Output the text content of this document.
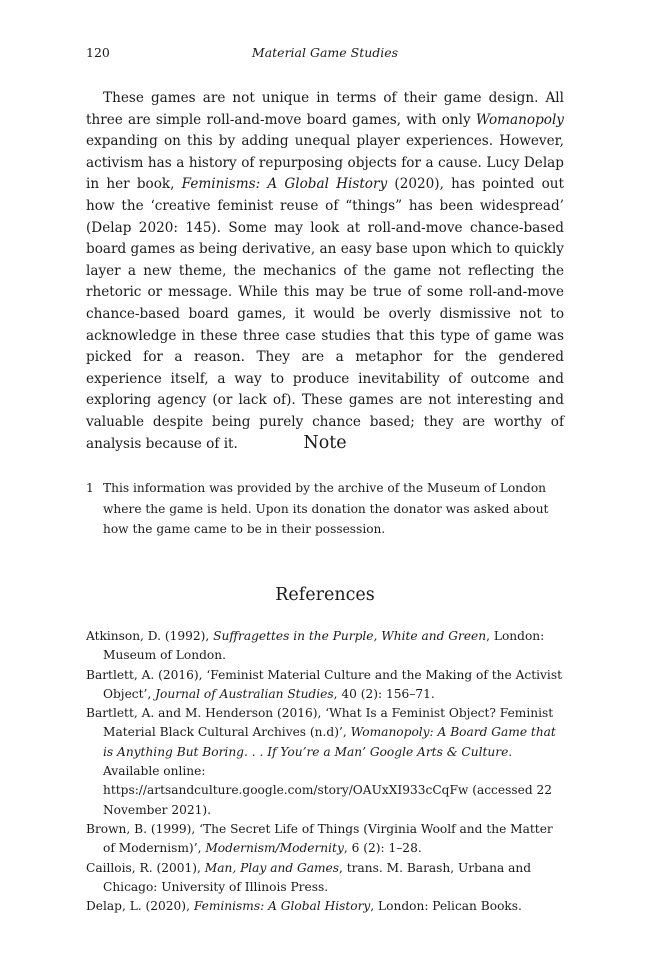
120	Material Game Studies

These games are not unique in terms of their game design. All three are simple roll-and-move board games, with only Womanopoly expanding on this by adding unequal player experiences. However, activism has a history of repurposing objects for a cause. Lucy Delap in her book, Feminisms: A Global History (2020), has pointed out how the ‘creative feminist reuse of “things” has been widespread’ (Delap 2020: 145). Some may look at roll-and-move chance-based board games as being derivative, an easy base upon which to quickly layer a new theme, the mechanics of the game not reflecting the rhetoric or message. While this may be true of some roll-and-move chance-based board games, it would be overly dismissive not to acknowledge in these three case studies that this type of game was picked for a reason. They are a metaphor for the gendered experience itself, a way to produce inevitability of outcome and exploring agency (or lack of). These games are not interesting and valuable despite being purely chance based; they are worthy of analysis because of it.	Note
1 This information was provided by the archive of the Museum of London where the game is held. Upon its donation the donator was asked about how the game came to be in their possession.
References
Atkinson, D. (1992), Suffragettes in the Purple, White and Green, London: Museum of London.
Bartlett, A. (2016), ‘Feminist Material Culture and the Making of the Activist Object’, Journal of Australian Studies, 40 (2): 156–71.
Bartlett, A. and M. Henderson (2016), ‘What Is a Feminist Object? Feminist Material Black Cultural Archives (n.d)’, Womanopoly: A Board Game that is Anything But Boring. . . If You’re a Man’ Google Arts & Culture. Available online: https://artsandculture.google.com/story/OAUxXI933cCqFw (accessed 22 November 2021).
Brown, B. (1999), ‘The Secret Life of Things (Virginia Woolf and the Matter of Modernism)’, Modernism/Modernity, 6 (2): 1–28.
Caillois, R. (2001), Man, Play and Games, trans. M. Barash, Urbana and Chicago: University of Illinois Press.
Delap, L. (2020), Feminisms: A Global History, London: Pelican Books.
